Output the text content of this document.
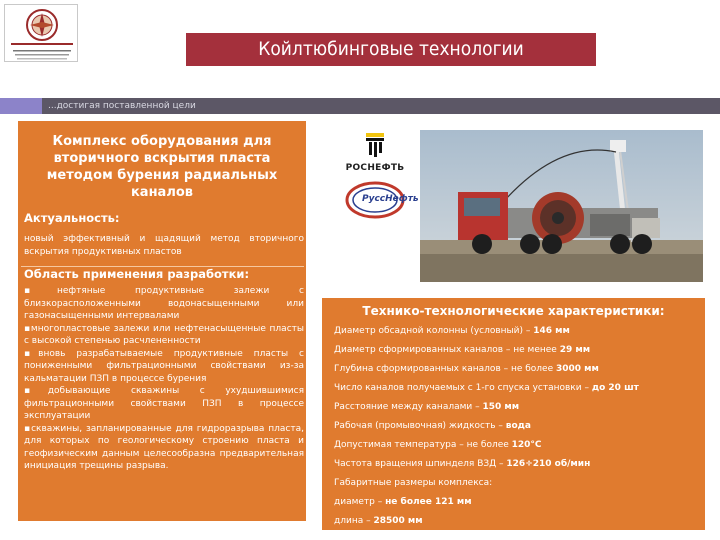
Койлтюбинговые технологии
...достигая поставленной цели
Комплекс оборудования для вторичного вскрытия пласта методом бурения радиальных каналов
Актуальность:
новый эффективный и щадящий метод вторичного вскрытия продуктивных пластов
Область применения разработки:

▪нефтяные продуктивные залежи с близкорасположенными водонасыщенными или газонасыщенными интервалами

▪многопластовые залежи или нефтенасыщенные пласты с высокой степенью расчлененности

▪вновь разрабатываемые продуктивные пласты с пониженными фильтрационными свойствами из-за кальматации ПЗП в процессе бурения

▪добывающие скважины с ухудшившимися фильтрационными свойствами ПЗП в процессе эксплуатации

▪скважины, запланированные для гидроразрыва пласта, для которых по геологическому строению пласта и геофизическим данным целесообразна предварительная инициация трещины разрыва.

РОСНЕФТЬ
РуссНефть
Технико-технологические характеристики:
Диаметр обсадной колонны (условный) – 146 мм
Диаметр сформированных каналов – не менее 29 мм
Глубина сформированных каналов – не более 3000 мм
Число каналов получаемых с 1-го спуска установки – до 20 шт
Расстояние между каналами – 150 мм
Рабочая (промывочная) жидкость – вода
Допустимая температура – не более 120°С
Частота вращения шпинделя ВЗД – 126÷210 об/мин
Габаритные размеры комплекса:
диаметр – не более 121 мм
длина – 28500 мм
